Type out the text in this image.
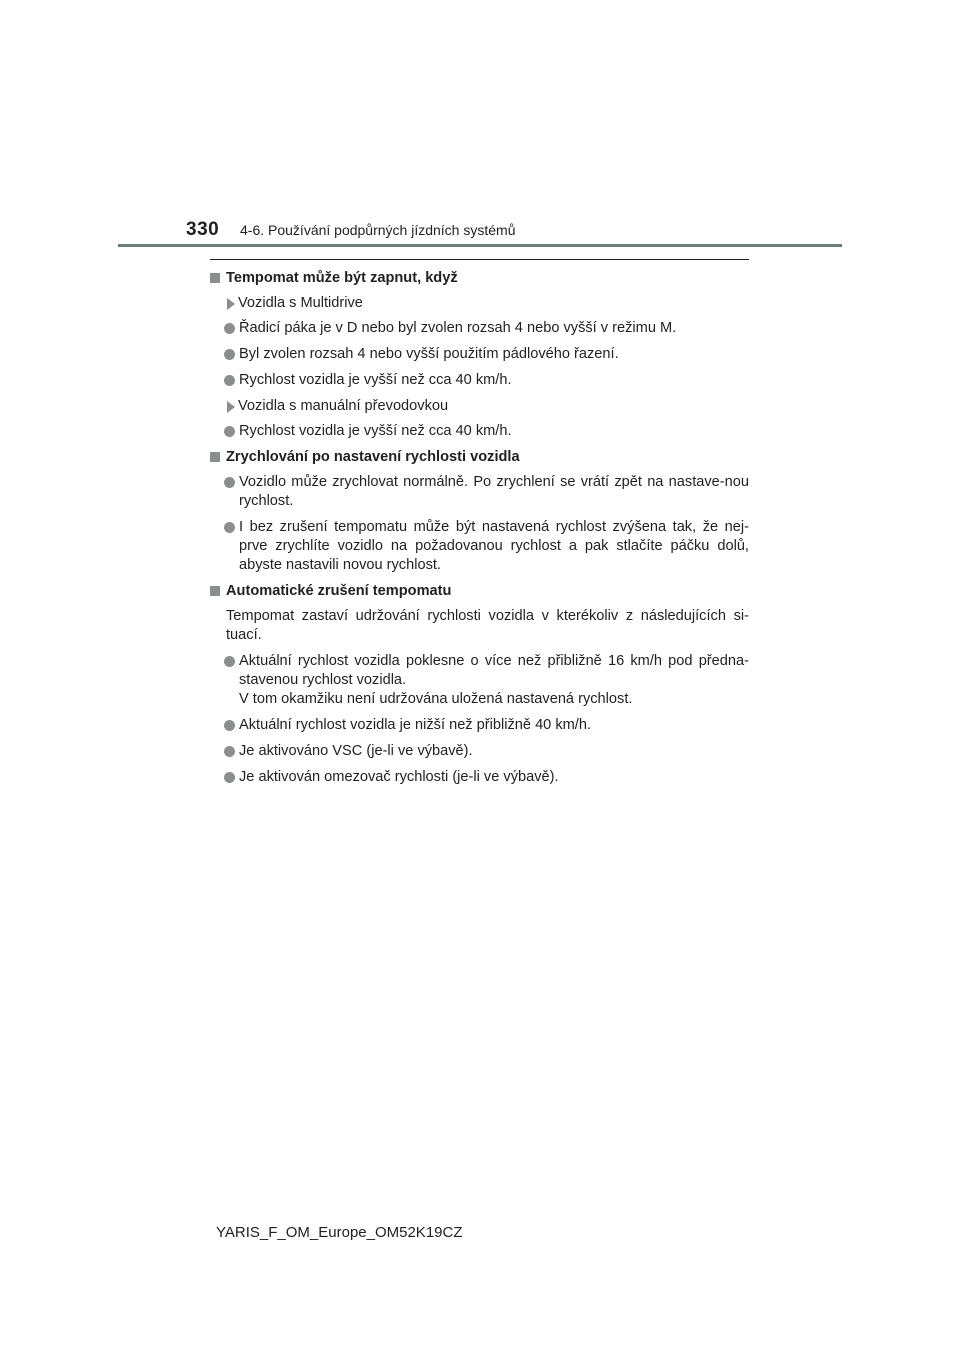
330 4-6. Používání podpůrných jízdních systémů
Tempomat může být zapnut, když
Vozidla s Multidrive
Řadicí páka je v D nebo byl zvolen rozsah 4 nebo vyšší v režimu M.
Byl zvolen rozsah 4 nebo vyšší použitím pádlového řazení.
Rychlost vozidla je vyšší než cca 40 km/h.
Vozidla s manuální převodovkou
Rychlost vozidla je vyšší než cca 40 km/h.
Zrychlování po nastavení rychlosti vozidla
Vozidlo může zrychlovat normálně. Po zrychlení se vrátí zpět na nastave-nou rychlost.
I bez zrušení tempomatu může být nastavená rychlost zvýšena tak, že nej-prve zrychlíte vozidlo na požadovanou rychlost a pak stlačíte páčku dolů, abyste nastavili novou rychlost.
Automatické zrušení tempomatu
Tempomat zastaví udržování rychlosti vozidla v kterékoliv z následujících si-tuací.
Aktuální rychlost vozidla poklesne o více než přibližně 16 km/h pod předna-stavenou rychlost vozidla.
V tom okamžiku není udržována uložená nastavená rychlost.
Aktuální rychlost vozidla je nižší než přibližně 40 km/h.
Je aktivováno VSC (je-li ve výbavě).
Je aktivován omezovač rychlosti (je-li ve výbavě).
YARIS_F_OM_Europe_OM52K19CZ
